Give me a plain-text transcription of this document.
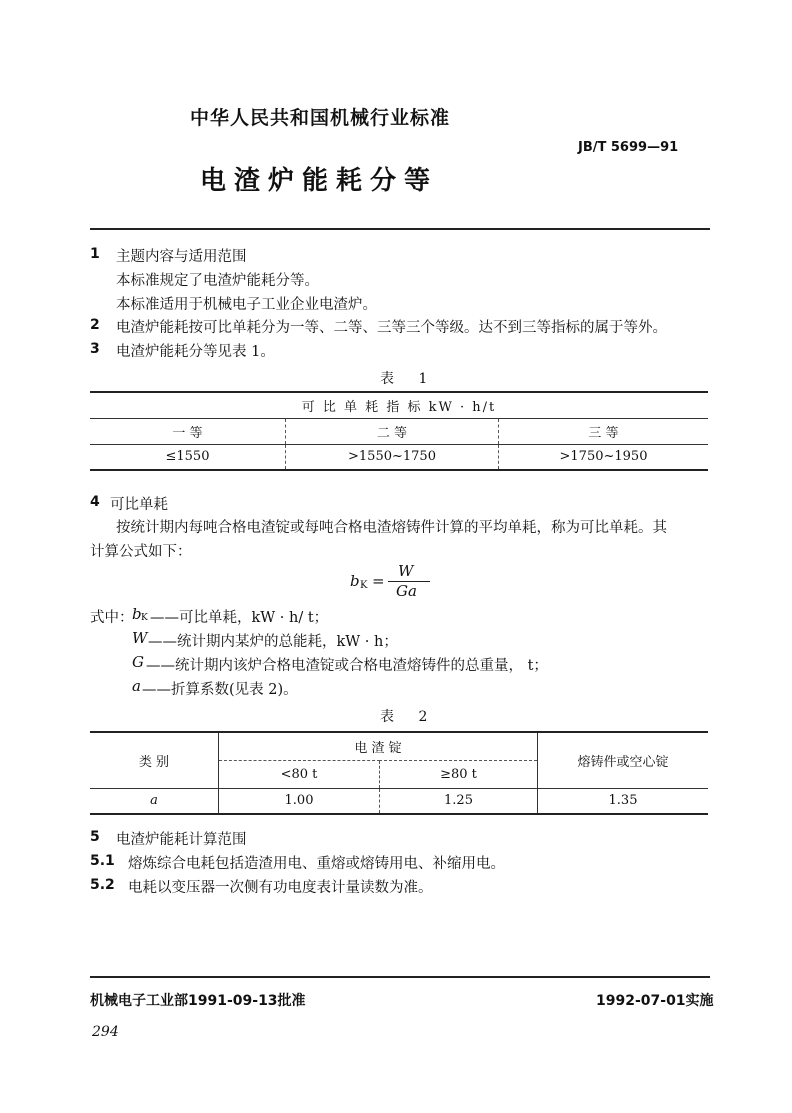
中华人民共和国机械行业标准
JB/T 5699—91
电渣炉能耗分等
1 主题内容与适用范围
本标准规定了电渣炉能耗分等。
本标准适用于机械电子工业企业电渣炉。
2 电渣炉能耗按可比单耗分为一等、二等、三等三个等级。达不到三等指标的属于等外。
3 电渣炉能耗分等见表 1。
表 1
可 比 单 耗 指 标 kW · h/t		
一 等	二 等	三 等
≤1550	>1550~1750	>1750~1950
4 可比单耗
按统计期内每吨合格电渣锭或每吨合格电渣熔铸件计算的平均单耗，称为可比单耗。其
计算公式如下：
b K =
W
Ga
式中：
b K ——可比单耗，kW · h/ t；
W ——统计期内某炉的总能耗，kW · h；
G ——统计期内该炉合格电渣锭或合格电渣熔铸件的总重量， t；
a ——折算系数(见表 2)。
表 2
类 别	电 渣 锭		熔铸件或空心锭
	<80 t	≥80 t	
a	1.00	1.25	1.35
5 电渣炉能耗计算范围
5.1 熔炼综合电耗包括造渣用电、重熔或熔铸用电、补缩用电。
5.2 电耗以变压器一次侧有功电度表计量读数为准。
机械电子工业部1991-09-13批准	1992-07-01实施
294
